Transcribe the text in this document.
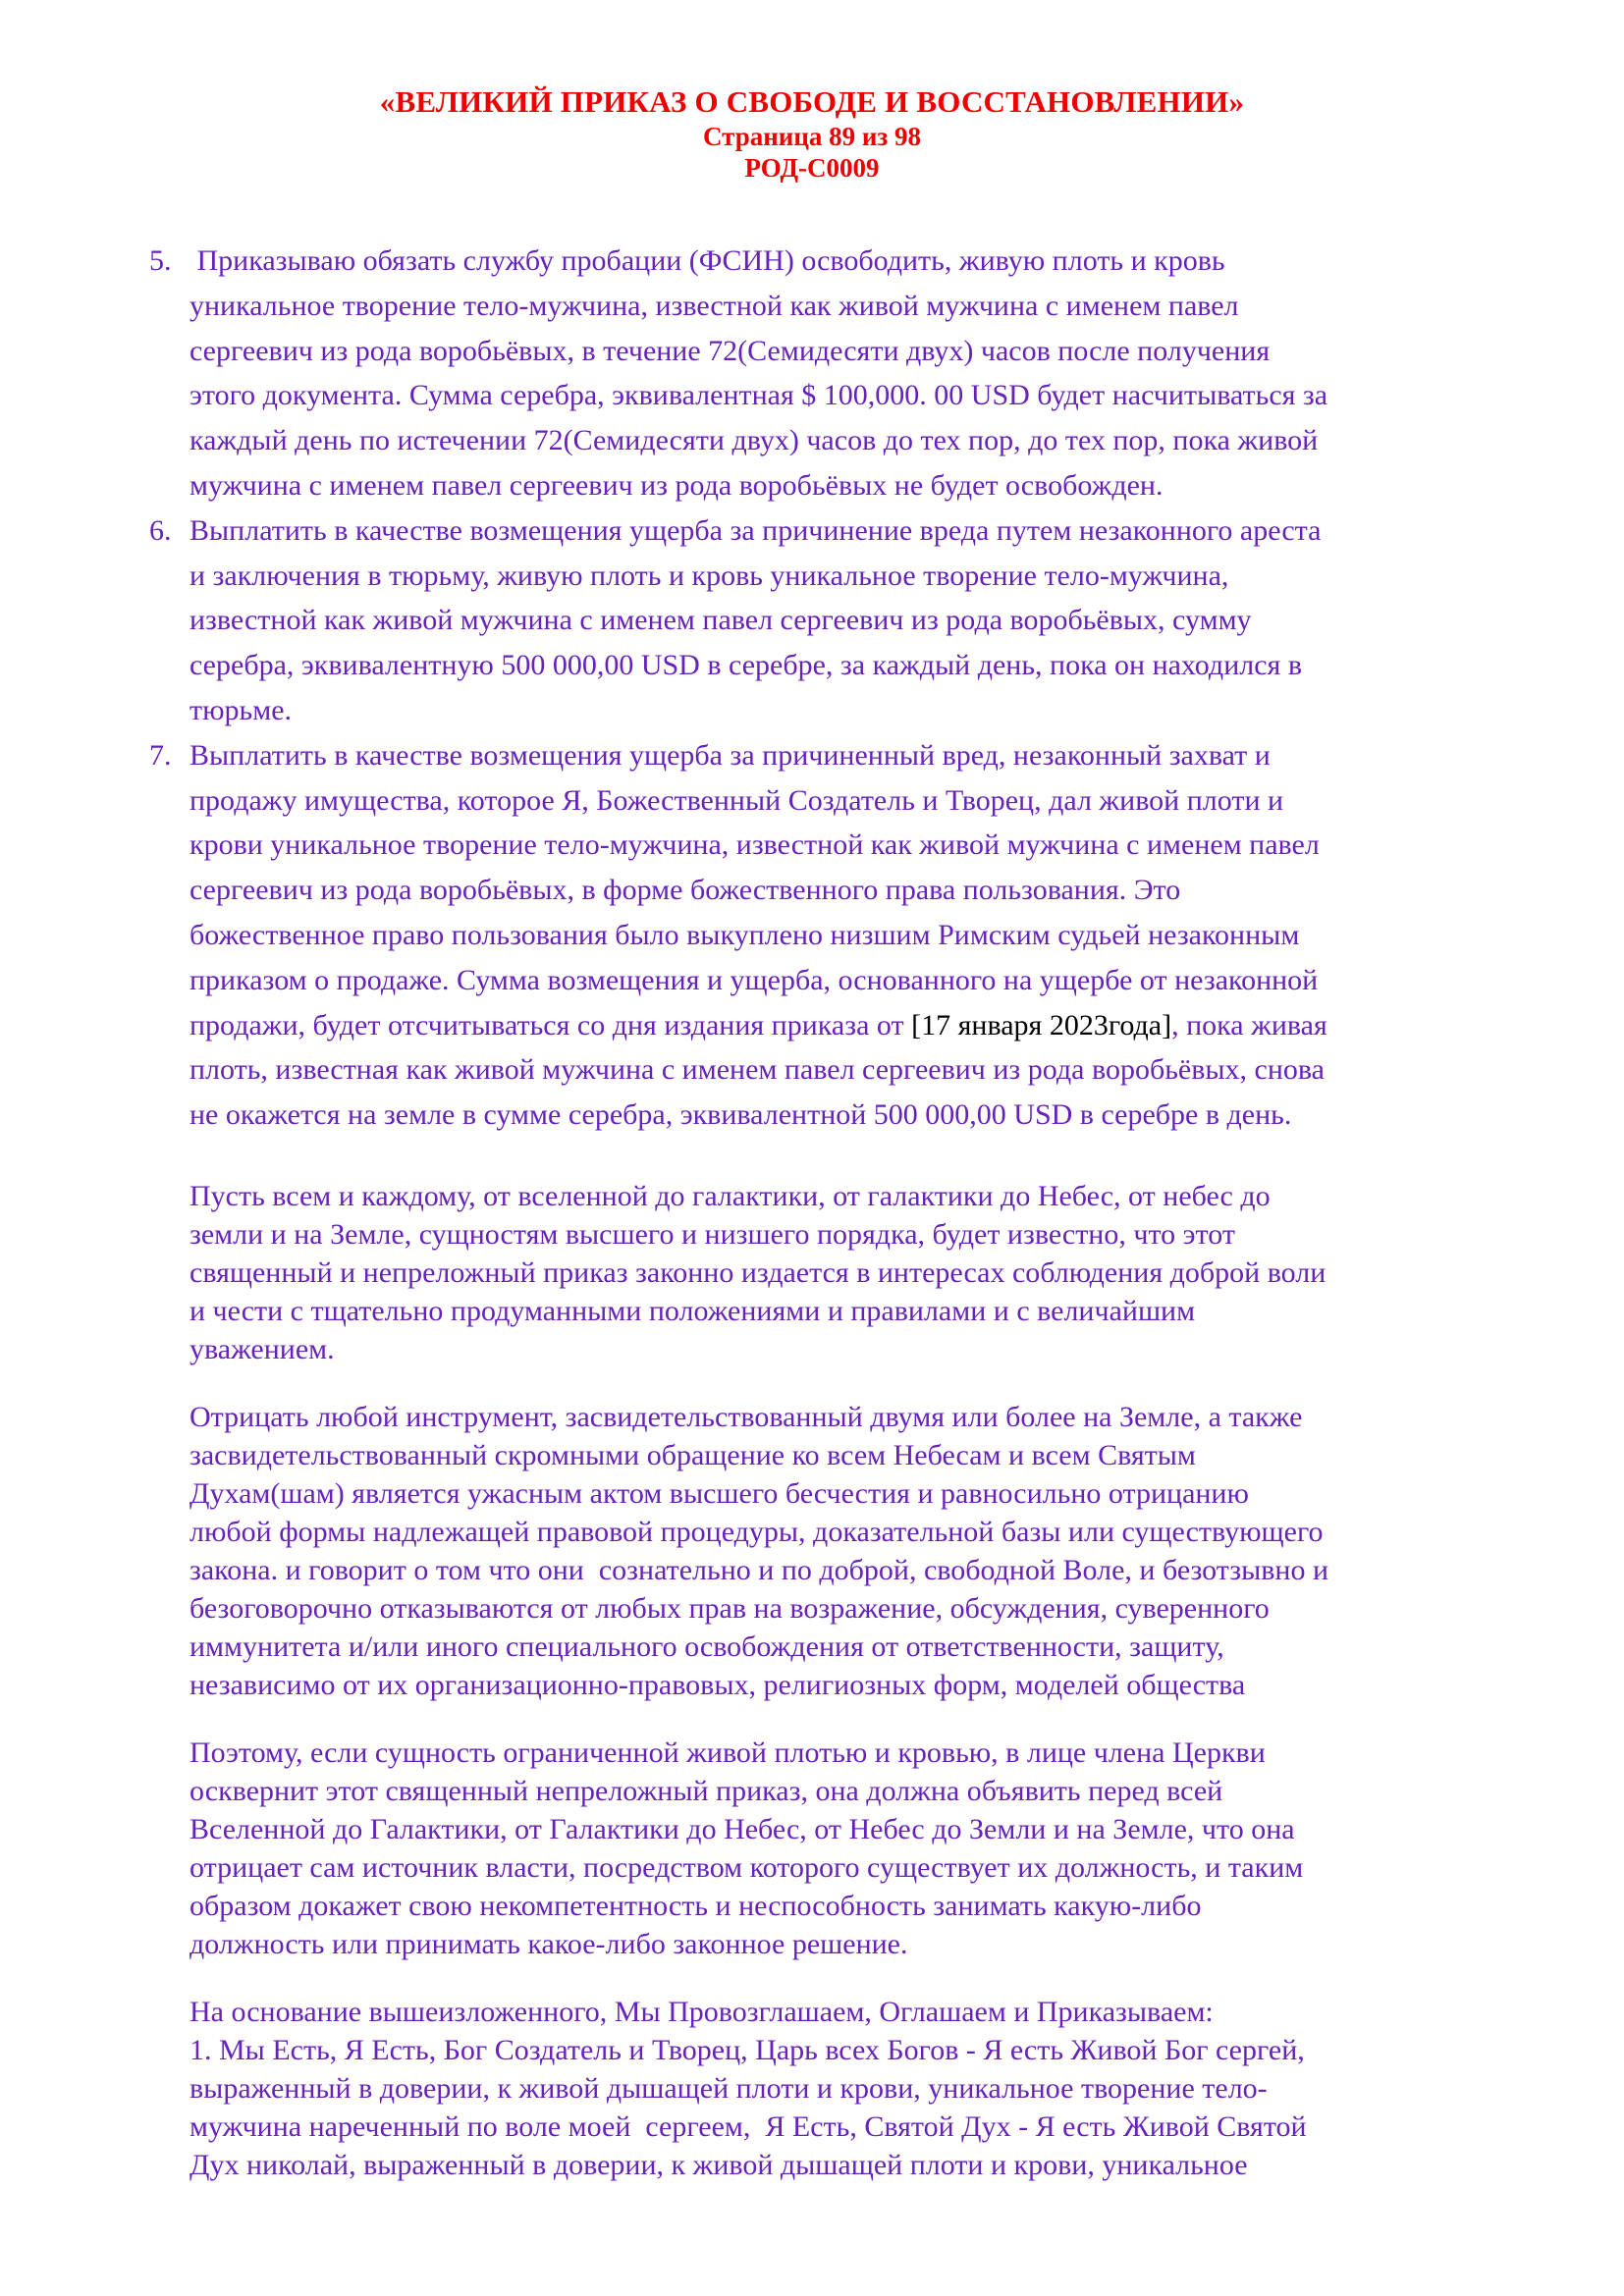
«ВЕЛИКИЙ ПРИКАЗ О СВОБОДЕ И ВОССТАНОВЛЕНИИ»
Страница 89 из 98
РОД-С0009
5. Приказываю обязать службу пробации (ФСИН) освободить, живую плоть и кровь
уникальное творение тело-мужчина, известной как живой мужчина с именем павел
сергеевич из рода воробьёвых, в течение 72(Семидесяти двух) часов после получения
этого документа. Сумма серебра, эквивалентная $ 100,000. 00 USD будет насчитываться за
каждый день по истечении 72(Семидесяти двух) часов до тех пор, до тех пор, пока живой
мужчина с именем павел сергеевич из рода воробьёвых не будет освобожден.
6. Выплатить в качестве возмещения ущерба за причинение вреда путем незаконного ареста
и заключения в тюрьму, живую плоть и кровь уникальное творение тело-мужчина,
известной как живой мужчина с именем павел сергеевич из рода воробьёвых, сумму
серебра, эквивалентную 500 000,00 USD в серебре, за каждый день, пока он находился в
тюрьме.
7. Выплатить в качестве возмещения ущерба за причиненный вред, незаконный захват и
продажу имущества, которое Я, Божественный Создатель и Творец, дал живой плоти и
крови уникальное творение тело-мужчина, известной как живой мужчина с именем павел
сергеевич из рода воробьёвых, в форме божественного права пользования. Это
божественное право пользования было выкуплено низшим Римским судьей незаконным
приказом о продаже. Сумма возмещения и ущерба, основанного на ущербе от незаконной
продажи, будет отсчитываться со дня издания приказа от [17 января 2023года], пока живая
плоть, известная как живой мужчина с именем павел сергеевич из рода воробьёвых, снова
не окажется на земле в сумме серебра, эквивалентной 500 000,00 USD в серебре в день.
Пусть всем и каждому, от вселенной до галактики, от галактики до Небес, от небес до
земли и на Земле, сущностям высшего и низшего порядка, будет известно, что этот
священный и непреложный приказ законно издается в интересах соблюдения доброй воли
и чести с тщательно продуманными положениями и правилами и с величайшим
уважением.
Отрицать любой инструмент, засвидетельствованный двумя или более на Земле, а также
засвидетельствованный скромными обращение ко всем Небесам и всем Святым
Духам(шам) является ужасным актом высшего бесчестия и равносильно отрицанию
любой формы надлежащей правовой процедуры, доказательной базы или существующего
закона. и говорит о том что они  сознательно и по доброй, свободной Воле, и безотзывно и
безоговорочно отказываются от любых прав на возражение, обсуждения, суверенного
иммунитета и/или иного специального освобождения от ответственности, защиту,
независимо от их организационно-правовых, религиозных форм, моделей общества
Поэтому, если сущность ограниченной живой плотью и кровью, в лице члена Церкви
осквернит этот священный непреложный приказ, она должна объявить перед всей
Вселенной до Галактики, от Галактики до Небес, от Небес до Земли и на Земле, что она
отрицает сам источник власти, посредством которого существует их должность, и таким
образом докажет свою некомпетентность и неспособность занимать какую-либо
должность или принимать какое-либо законное решение.
На основание вышеизложенного, Мы Провозглашаем, Оглашаем и Приказываем:
1. Мы Есть, Я Есть, Бог Создатель и Творец, Царь всех Богов - Я есть Живой Бог сергей,
выраженный в доверии, к живой дышащей плоти и крови, уникальное творение тело-
мужчина нареченный по воле моей  сергеем,  Я Есть, Святой Дух - Я есть Живой Святой
Дух николай, выраженный в доверии, к живой дышащей плоти и крови, уникальное
